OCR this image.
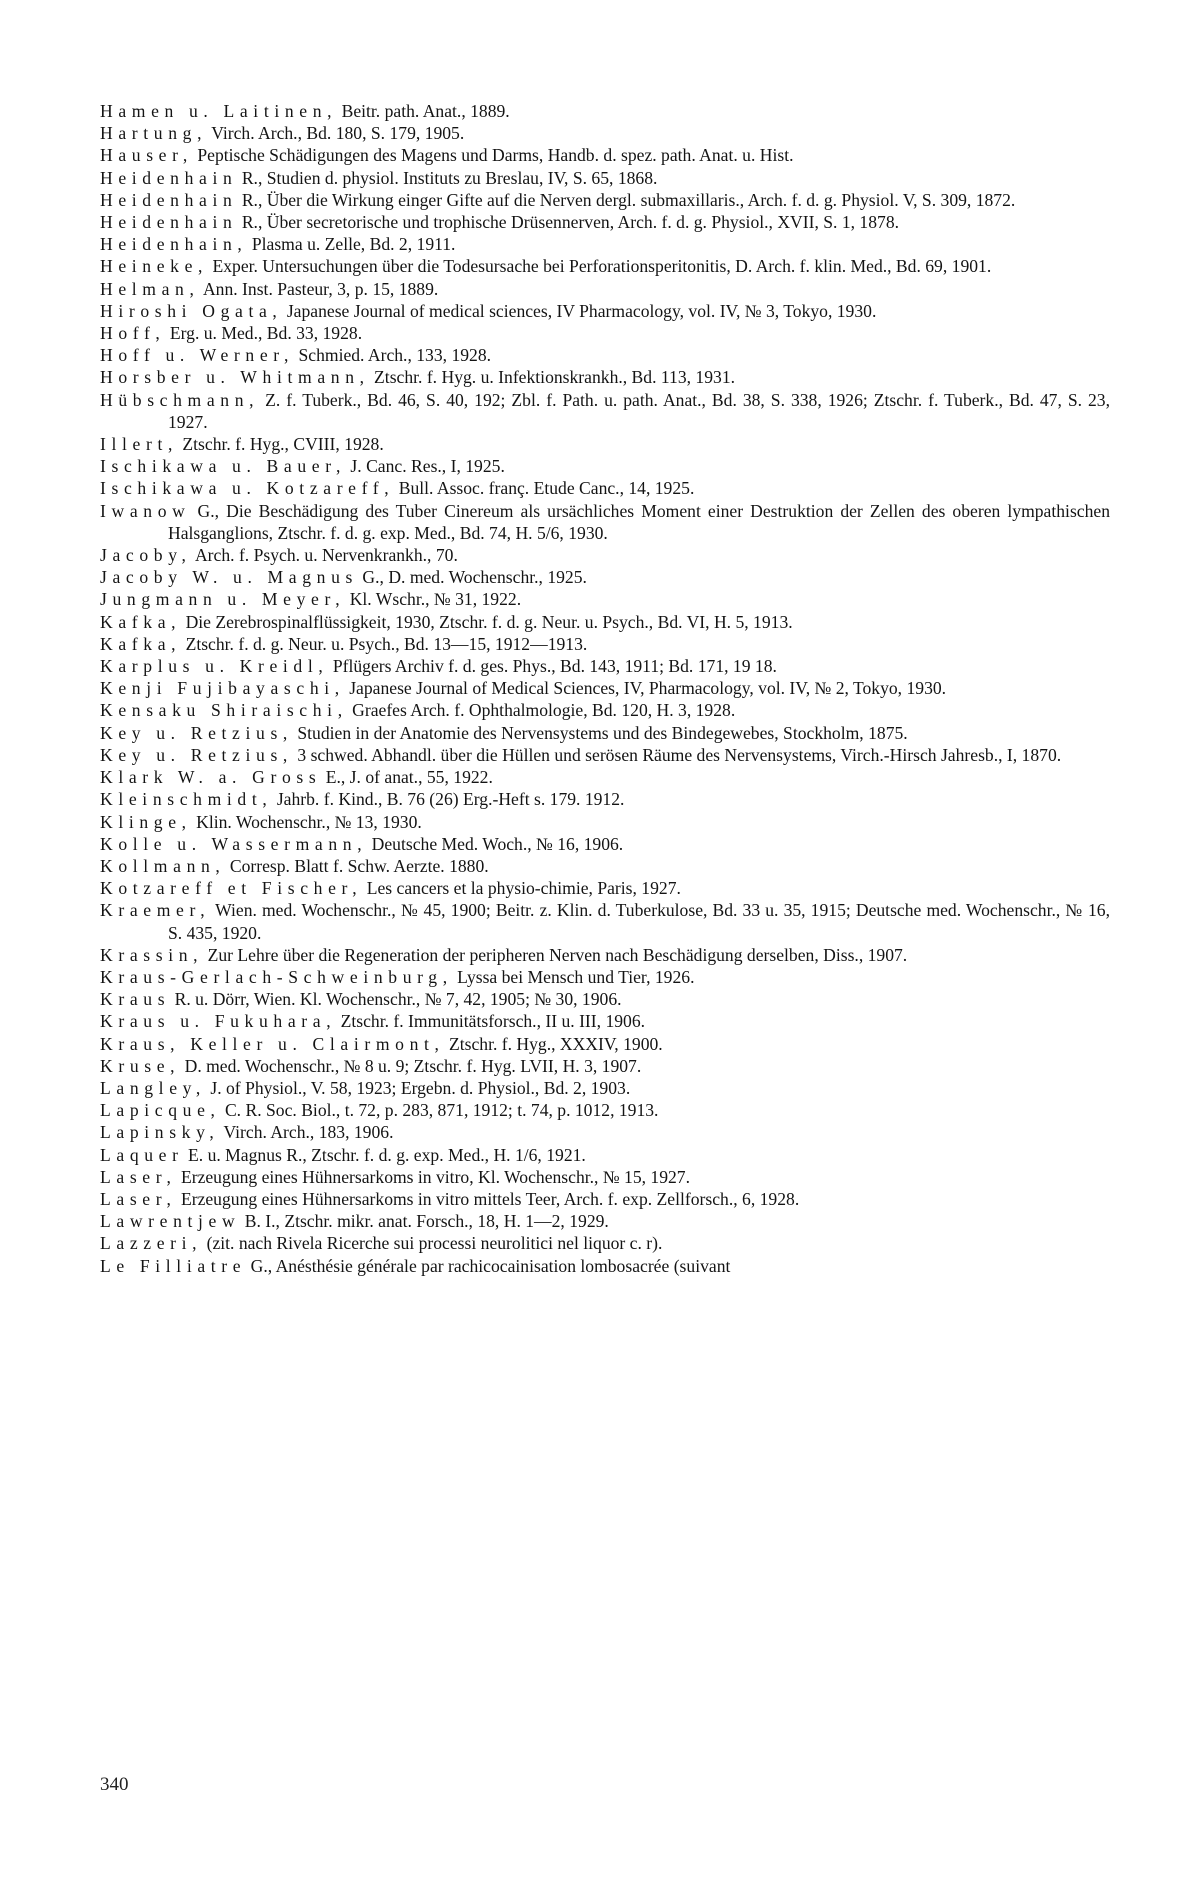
Hamen u. Laitinen, Beitr. path. Anat., 1889.

Hartung, Virch. Arch., Bd. 180, S. 179, 1905.

Hauser, Peptische Schädigungen des Magens und Darms, Handb. d. spez. path. Anat. u. Hist.

Heidenhain R., Studien d. physiol. Instituts zu Breslau, IV, S. 65, 1868.

Heidenhain R., Über die Wirkung einger Gifte auf die Nerven dergl. submaxillaris., Arch. f. d. g. Physiol. V, S. 309, 1872.

Heidenhain R., Über secretorische und trophische Drüsennerven, Arch. f. d. g. Physiol., XVII, S. 1, 1878.

Heidenhain, Plasma u. Zelle, Bd. 2, 1911.

Heineke, Exper. Untersuchungen über die Todesursache bei Perforationsperitonitis, D. Arch. f. klin. Med., Bd. 69, 1901.

Helman, Ann. Inst. Pasteur, 3, p. 15, 1889.

Hiroshi Ogata, Japanese Journal of medical sciences, IV Pharmacology, vol. IV, № 3, Tokyo, 1930.

Hoff, Erg. u. Med., Bd. 33, 1928.

Hoff u. Werner, Schmied. Arch., 133, 1928.

Horsber u. Whitmann, Ztschr. f. Hyg. u. Infektionskrankh., Bd. 113, 1931.

Hübschmann, Z. f. Tuberk., Bd. 46, S. 40, 192; Zbl. f. Path. u. path. Anat., Bd. 38, S. 338, 1926; Ztschr. f. Tuberk., Bd. 47, S. 23, 1927.

Illert, Ztschr. f. Hyg., CVIII, 1928.

Ischikawa u. Bauer, J. Canc. Res., I, 1925.

Ischikawa u. Kotzareff, Bull. Assoc. franç. Etude Canc., 14, 1925.

Iwanow G., Die Beschädigung des Tuber Cinereum als ursächliches Moment einer Destruktion der Zellen des oberen lympathischen Halsganglions, Ztschr. f. d. g. exp. Med., Bd. 74, H. 5/6, 1930.

Jacoby, Arch. f. Psych. u. Nervenkrankh., 70.

Jacoby W. u. Magnus G., D. med. Wochenschr., 1925.

Jungmann u. Meyer, Kl. Wschr., № 31, 1922.

Kafka, Die Zerebrospinalflüssigkeit, 1930, Ztschr. f. d. g. Neur. u. Psych., Bd. VI, H. 5, 1913.

Kafka, Ztschr. f. d. g. Neur. u. Psych., Bd. 13—15, 1912—1913.

Karplus u. Kreidl, Pflügers Archiv f. d. ges. Phys., Bd. 143, 1911; Bd. 171, 19 18.

Kenji Fujibayaschi, Japanese Journal of Medical Sciences, IV, Pharmacology, vol. IV, № 2, Tokyo, 1930.

Kensaku Shiraischi, Graefes Arch. f. Ophthalmologie, Bd. 120, H. 3, 1928.

Key u. Retzius, Studien in der Anatomie des Nervensystems und des Bindegewebes, Stockholm, 1875.

Key u. Retzius, 3 schwed. Abhandl. über die Hüllen und serösen Räume des Nervensystems, Virch.-Hirsch Jahresb., I, 1870.

Klark W. a. Gross E., J. of anat., 55, 1922.

Kleinschmidt, Jahrb. f. Kind., B. 76 (26) Erg.-Heft s. 179. 1912.

Klinge, Klin. Wochenschr., № 13, 1930.

Kolle u. Wassermann, Deutsche Med. Woch., № 16, 1906.

Kollmann, Corresp. Blatt f. Schw. Aerzte. 1880.

Kotzareff et Fischer, Les cancers et la physio-chimie, Paris, 1927.

Kraemer, Wien. med. Wochenschr., № 45, 1900; Beitr. z. Klin. d. Tuberkulose, Bd. 33 u. 35, 1915; Deutsche med. Wochenschr., № 16, S. 435, 1920.

Krassin, Zur Lehre über die Regeneration der peripheren Nerven nach Beschädigung derselben, Diss., 1907.

Kraus-Gerlach-Schweinburg, Lyssa bei Mensch und Tier, 1926.

Kraus R. u. Dörr, Wien. Kl. Wochenschr., № 7, 42, 1905; № 30, 1906.

Kraus u. Fukuhara, Ztschr. f. Immunitätsforsch., II u. III, 1906.

Kraus, Keller u. Clairmont, Ztschr. f. Hyg., XXXIV, 1900.

Kruse, D. med. Wochenschr., № 8 u. 9; Ztschr. f. Hyg. LVII, H. 3, 1907.

Langley, J. of Physiol., V. 58, 1923; Ergebn. d. Physiol., Bd. 2, 1903.

Lapicque, C. R. Soc. Biol., t. 72, p. 283, 871, 1912; t. 74, p. 1012, 1913.

Lapinsky, Virch. Arch., 183, 1906.

Laquer E. u. Magnus R., Ztschr. f. d. g. exp. Med., H. 1/6, 1921.

Laser, Erzeugung eines Hühnersarkoms in vitro, Kl. Wochenschr., № 15, 1927.

Laser, Erzeugung eines Hühnersarkoms in vitro mittels Teer, Arch. f. exp. Zellforsch., 6, 1928.

Lawrentjew B. I., Ztschr. mikr. anat. Forsch., 18, H. 1—2, 1929.

Lazzeri, (zit. nach Rivela Ricerche sui processi neurolitici nel liquor c. r).

Le Filliatre G., Anésthésie générale par rachicocainisation lombosacrée (suivant

340
